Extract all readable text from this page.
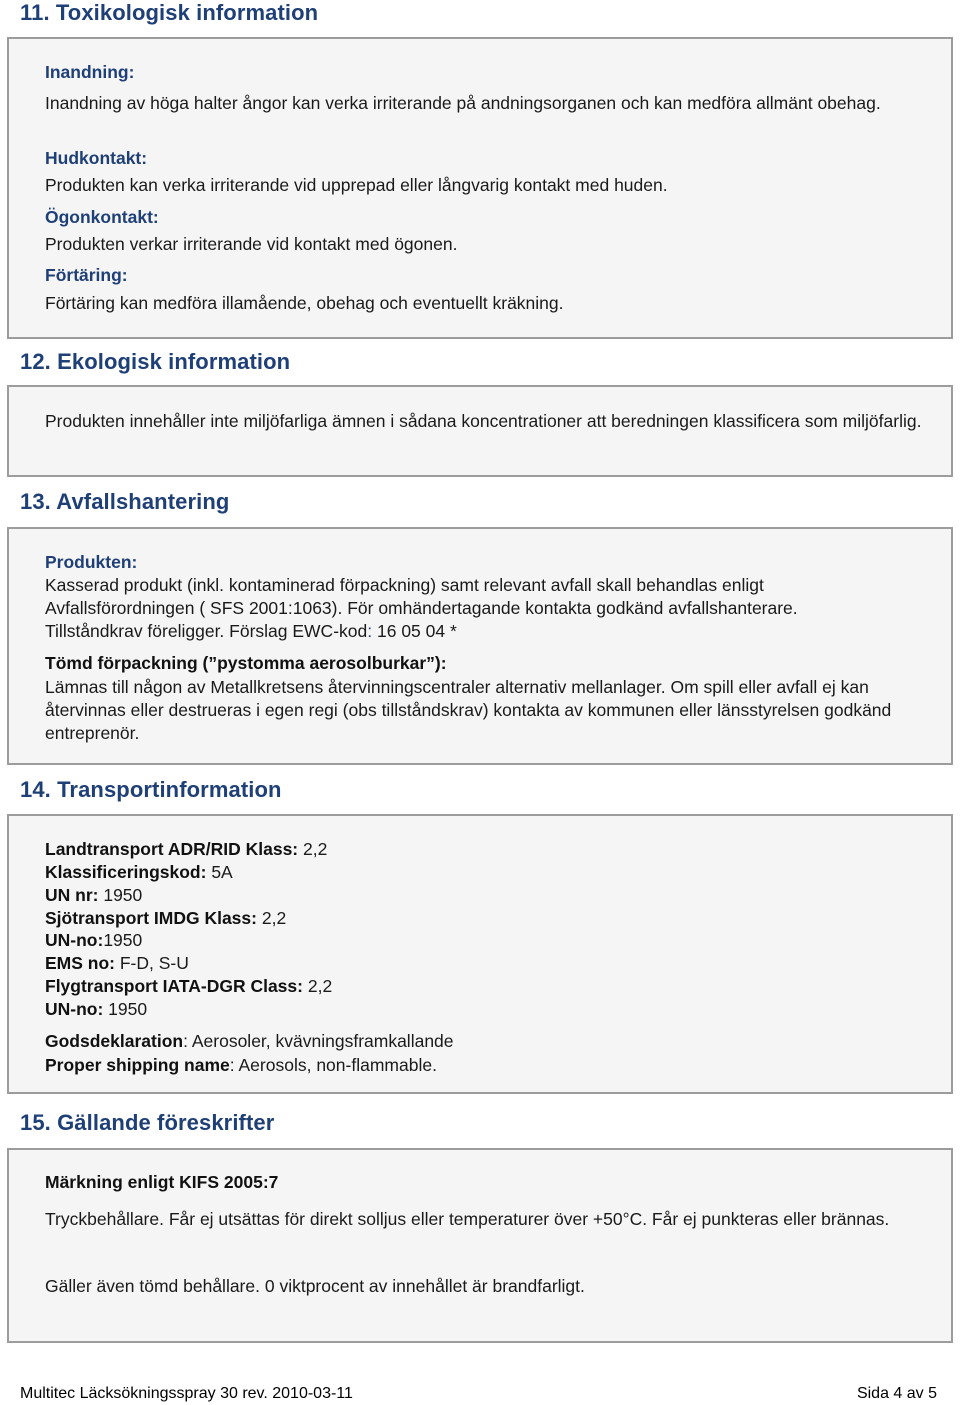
11. Toxikologisk information
Inandning:
Inandning av höga halter ångor kan verka irriterande på andningsorganen och kan medföra allmänt obehag.
Hudkontakt:
Produkten kan verka irriterande vid upprepad eller långvarig kontakt med huden.
Ögonkontakt:
Produkten verkar irriterande vid kontakt med ögonen.
Förtäring:
Förtäring kan medföra illamående, obehag och eventuellt kräkning.
12. Ekologisk information
Produkten innehåller inte miljöfarliga ämnen i sådana koncentrationer att beredningen klassificera som miljöfarlig.
13. Avfallshantering
Produkten:
Kasserad produkt (inkl. kontaminerad förpackning) samt relevant avfall skall behandlas enligt
Avfallsförordningen ( SFS 2001:1063). För omhändertagande kontakta godkänd avfallshanterare.
Tillståndkrav föreligger. Förslag EWC-kod: 16 05 04 *
Tömd förpackning (”pystomma aerosolburkar”):
Lämnas till någon av Metallkretsens återvinningscentraler alternativ mellanlager. Om spill eller avfall ej kan återvinnas eller destrueras i egen regi (obs tillståndskrav) kontakta av kommunen eller länsstyrelsen godkänd entreprenör.
14. Transportinformation
Landtransport ADR/RID Klass: 2,2
Klassificeringskod: 5A
UN nr: 1950
Sjötransport IMDG Klass: 2,2
UN-no:1950
EMS no: F-D, S-U
Flygtransport IATA-DGR Class: 2,2
UN-no: 1950
Godsdeklaration: Aerosoler, kvävningsframkallande
Proper shipping name: Aerosols, non-flammable.
15. Gällande föreskrifter
Märkning enligt KIFS 2005:7
Tryckbehållare. Får ej utsättas för direkt solljus eller temperaturer över +50°C. Får ej punkteras eller brännas.
Gäller även tömd behållare. 0 viktprocent av innehållet är brandfarligt.
Multitec Läcksökningsspray 30 rev. 2010-03-11	Sida 4 av 5
